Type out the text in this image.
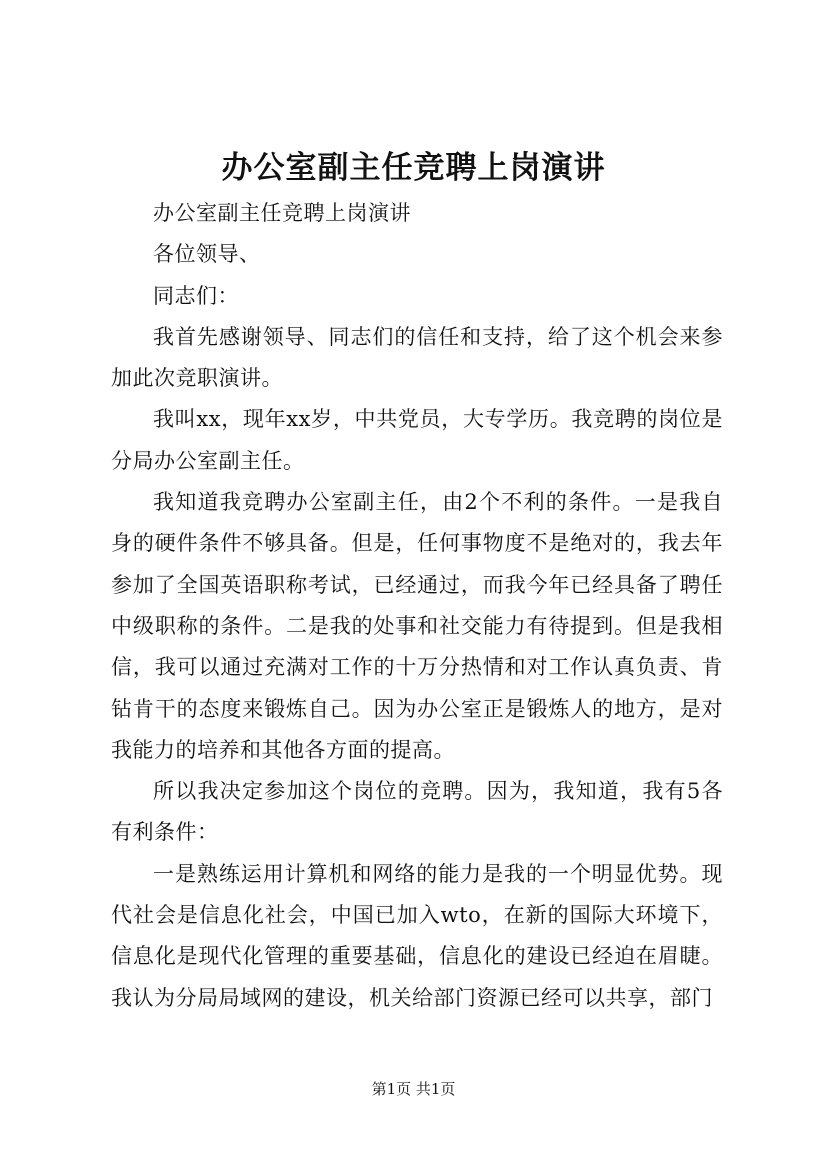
办公室副主任竞聘上岗演讲

办公室副主任竞聘上岗演讲

各位领导、

同志们：

我首先感谢领导、同志们的信任和支持，给了这个机会来参加此次竞职演讲。

我叫xx，现年xx岁，中共党员，大专学历。我竞聘的岗位是分局办公室副主任。

我知道我竞聘办公室副主任，由2个不利的条件。一是我自身的硬件条件不够具备。但是，任何事物度不是绝对的，我去年参加了全国英语职称考试，已经通过，而我今年已经具备了聘任中级职称的条件。二是我的处事和社交能力有待提到。但是我相信，我可以通过充满对工作的十万分热情和对工作认真负责、肯钻肯干的态度来锻炼自己。因为办公室正是锻炼人的地方，是对我能力的培养和其他各方面的提高。

所以我决定参加这个岗位的竞聘。因为，我知道，我有5各有利条件：

一是熟练运用计算机和网络的能力是我的一个明显优势。现代社会是信息化社会，中国已加入wto，在新的国际大环境下，信息化是现代化管理的重要基础，信息化的建设已经迫在眉睫。我认为分局局域网的建设，机关给部门资源已经可以共享，部门

第1页 共1页
